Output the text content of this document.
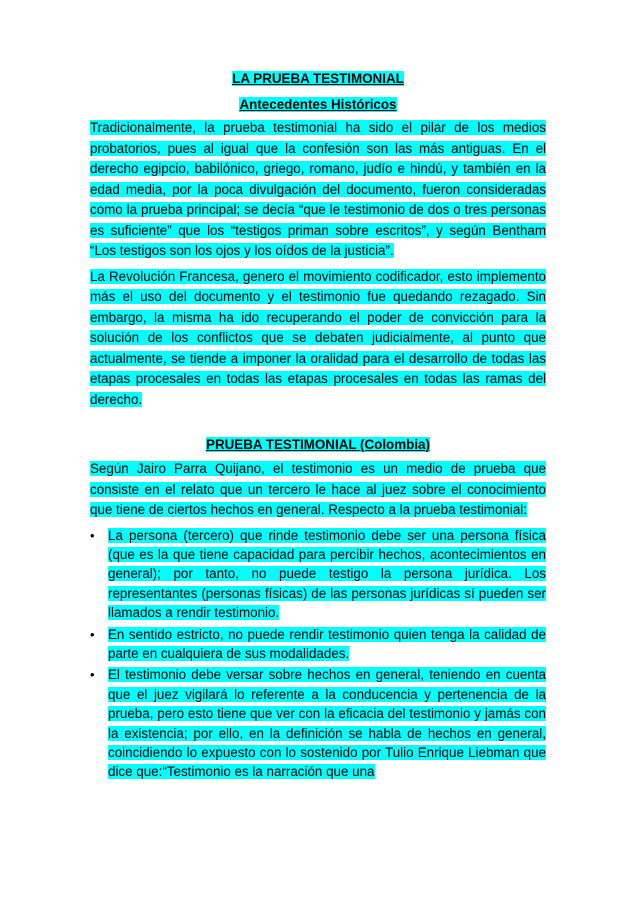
LA PRUEBA TESTIMONIAL
Antecedentes Históricos

Tradicionalmente, la prueba testimonial ha sido el pilar de los medios probatorios, pues al igual que la confesión son las más antiguas. En el derecho egipcio, babilónico, griego, romano, judío e hindú, y también en la edad media, por la poca divulgación del documento, fueron consideradas como la prueba principal; se decía “que le testimonio de dos o tres personas es suficiente” que los “testigos priman sobre escritos”, y según Bentham “Los testigos son los ojos y los oídos de la justicia”.

La Revolución Francesa, genero el movimiento codificador, esto implemento más el uso del documento y el testimonio fue quedando rezagado. Sin embargo, la misma ha ido recuperando el poder de convicción para la solución de los conflictos que se debaten judicialmente, al punto que actualmente, se tiende a imponer la oralidad para el desarrollo de todas las etapas procesales en todas las etapas procesales en todas las ramas del derecho.

PRUEBA TESTIMONIAL (Colombia)

Según Jairo Parra Quijano, el testimonio es un medio de prueba que consiste en el relato que un tercero le hace al juez sobre el conocimiento que tiene de ciertos hechos en general. Respecto a la prueba testimonial:

•	La persona (tercero) que rinde testimonio debe ser una persona física (que es la que tiene capacidad para percibir hechos, acontecimientos en general); por tanto, no puede testigo la persona jurídica. Los representantes (personas físicas) de las personas jurídicas sí pueden ser llamados a rendir testimonio.
•	En sentido estricto, no puede rendir testimonio quien tenga la calidad de parte en cualquiera de sus modalidades.
•	El testimonio debe versar sobre hechos en general, teniendo en cuenta que el juez vigilará lo referente a la conducencia y pertenencia de la prueba, pero esto tiene que ver con la eficacia del testimonio y jamás con la existencia; por ello, en la definición se habla de hechos en general, coincidiendo lo expuesto con lo sostenido por Tulio Enrique Liebman que dice que:“Testimonio es la narración que una
